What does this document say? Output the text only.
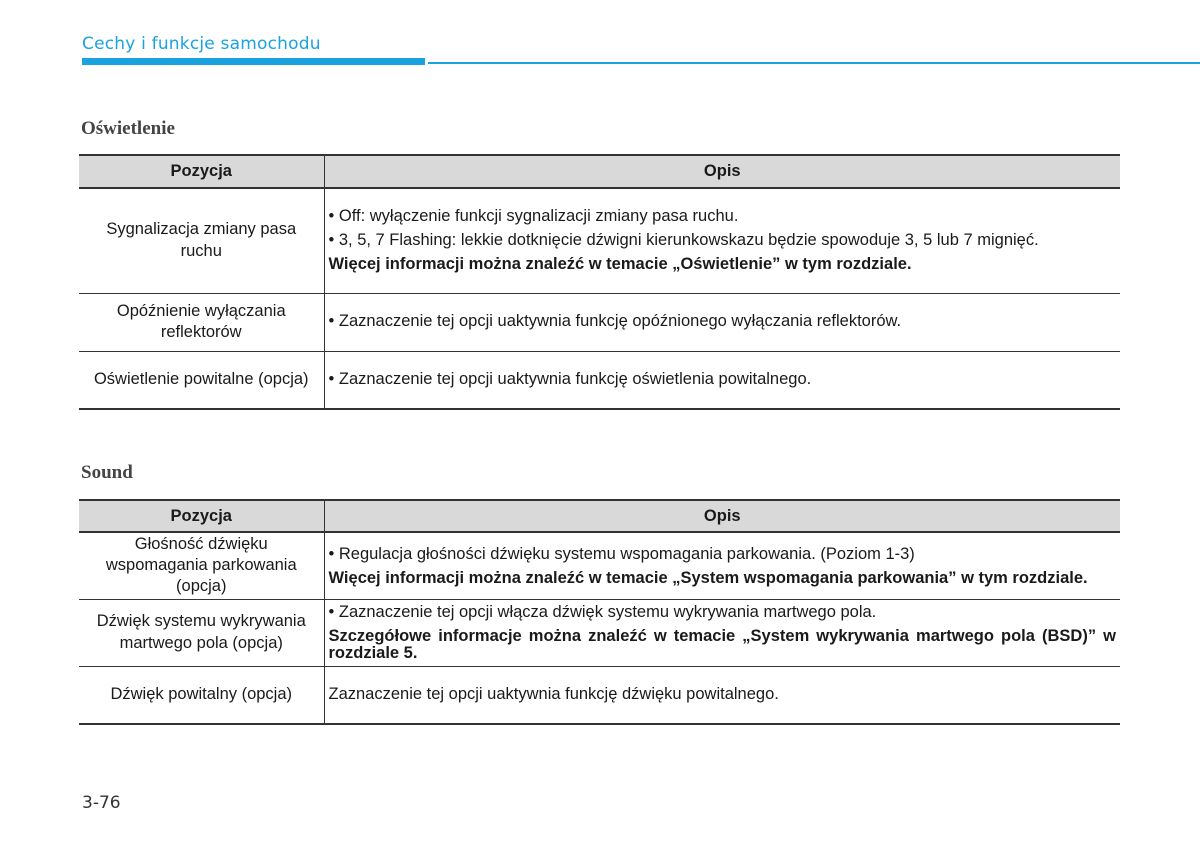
Cechy i funkcje samochodu
Oświetlenie
Pozycja	Opis
Sygnalizacja zmiany pasa ruchu	• Off: wyłączenie funkcji sygnalizacji zmiany pasa ruchu.
• 3, 5, 7 Flashing: lekkie dotknięcie dźwigni kierunkowskazu będzie spowoduje 3, 5 lub 7 mignięć.
Więcej informacji można znaleźć w temacie „Oświetlenie” w tym rozdziale.

Opóźnienie wyłączania reflektorów	• Zaznaczenie tej opcji uaktywnia funkcję opóźnionego wyłączania reflektorów.

Oświetlenie powitalne (opcja)	• Zaznaczenie tej opcji uaktywnia funkcję oświetlenia powitalnego.
Sound
Pozycja	Opis
Głośność dźwięku wspomagania parkowania (opcja)	• Regulacja głośności dźwięku systemu wspomagania parkowania. (Poziom 1-3)
Więcej informacji można znaleźć w temacie „System wspomagania parkowania” w tym rozdziale.

Dźwięk systemu wykrywania martwego pola (opcja)	• Zaznaczenie tej opcji włącza dźwięk systemu wykrywania martwego pola.
Szczegółowe informacje można znaleźć w temacie „System wykrywania martwego pola (BSD)” w rozdziale 5.

Dźwięk powitalny (opcja)	Zaznaczenie tej opcji uaktywnia funkcję dźwięku powitalnego.
3-76
